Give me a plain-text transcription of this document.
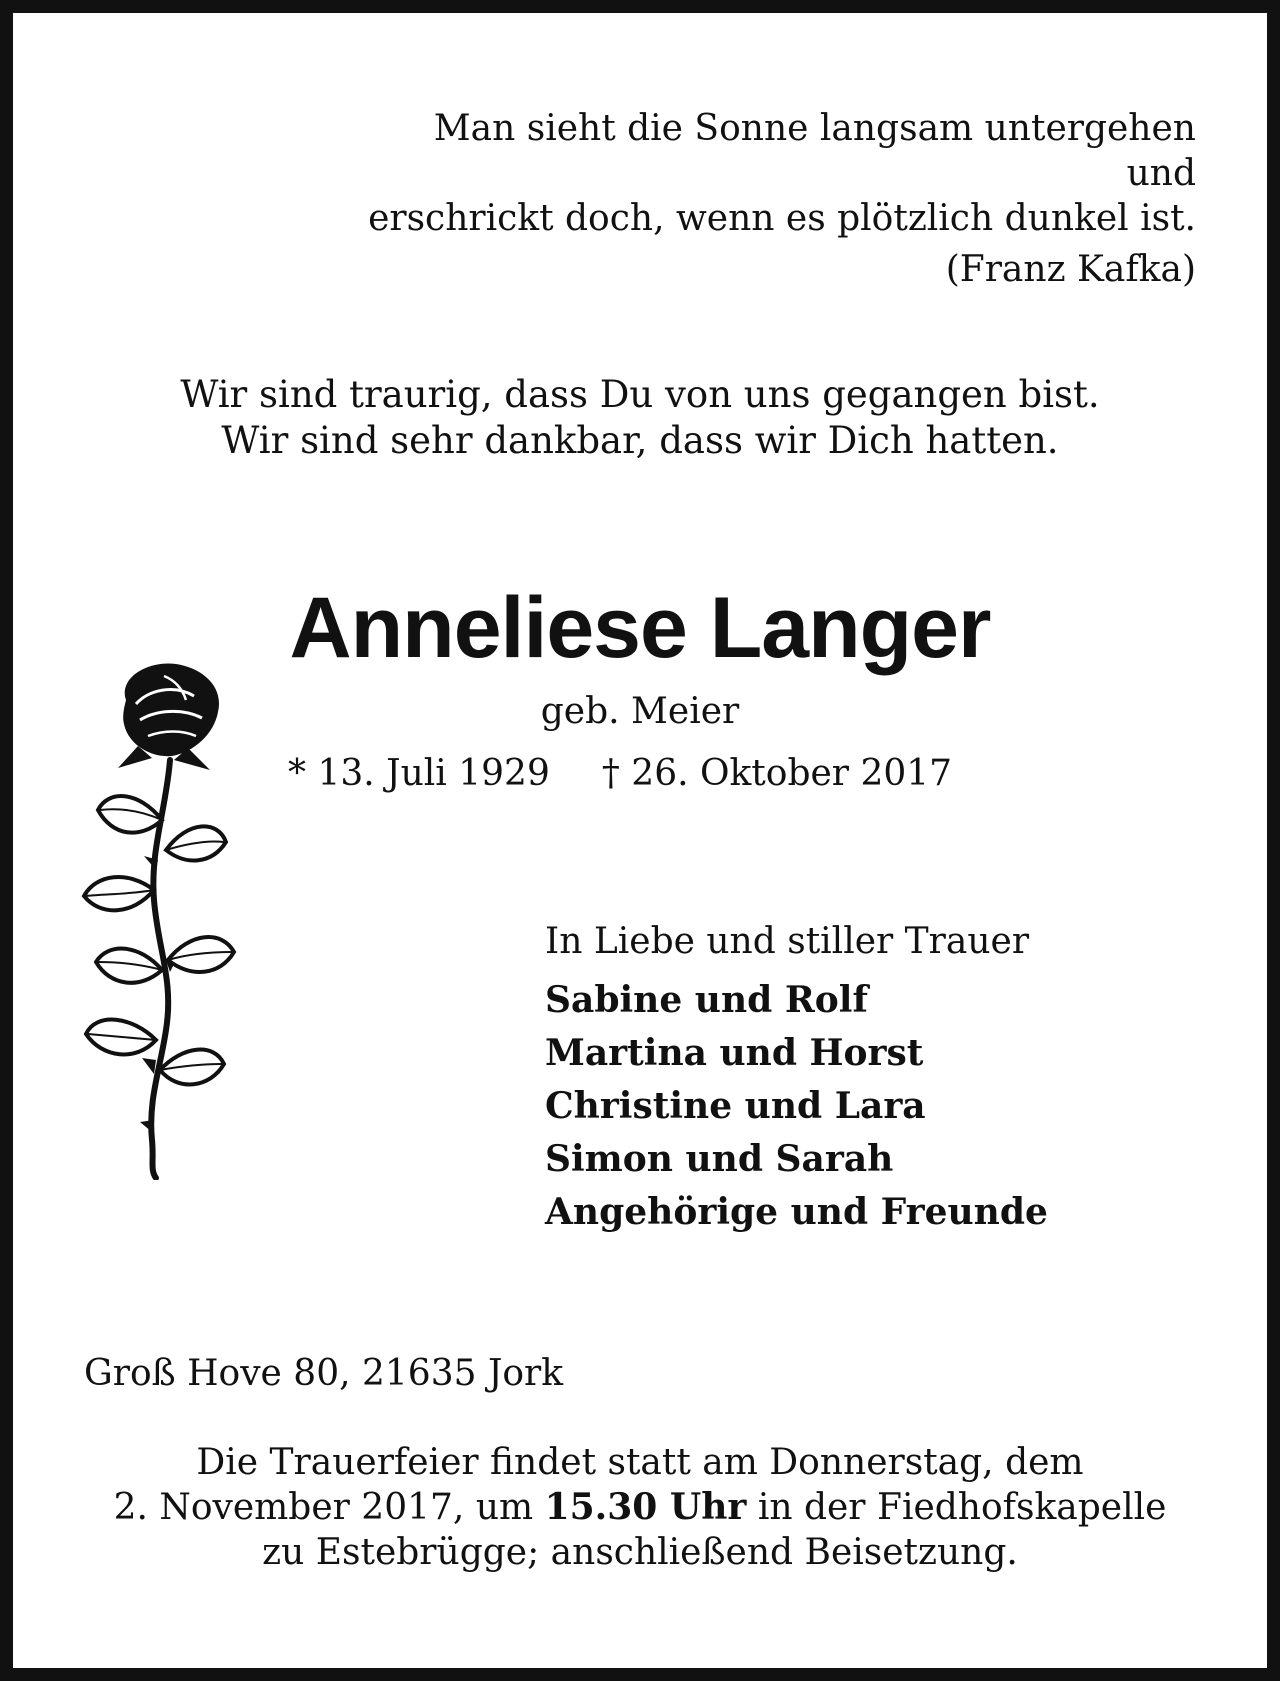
Man sieht die Sonne langsam untergehen und
erschrickt doch, wenn es plötzlich dunkel ist.
(Franz Kafka)
Wir sind traurig, dass Du von uns gegangen bist.
Wir sind sehr dankbar, dass wir Dich hatten.
Anneliese Langer
geb. Meier
* 13. Juli 1929 † 26. Oktober 2017
In Liebe und stiller Trauer
Sabine und Rolf
Martina und Horst
Christine und Lara
Simon und Sarah
Angehörige und Freunde
Groß Hove 80, 21635 Jork
Die Trauerfeier findet statt am Donnerstag, dem
2. November 2017, um 15.30 Uhr in der Fiedhofskapelle
zu Estebrügge; anschließend Beisetzung.
